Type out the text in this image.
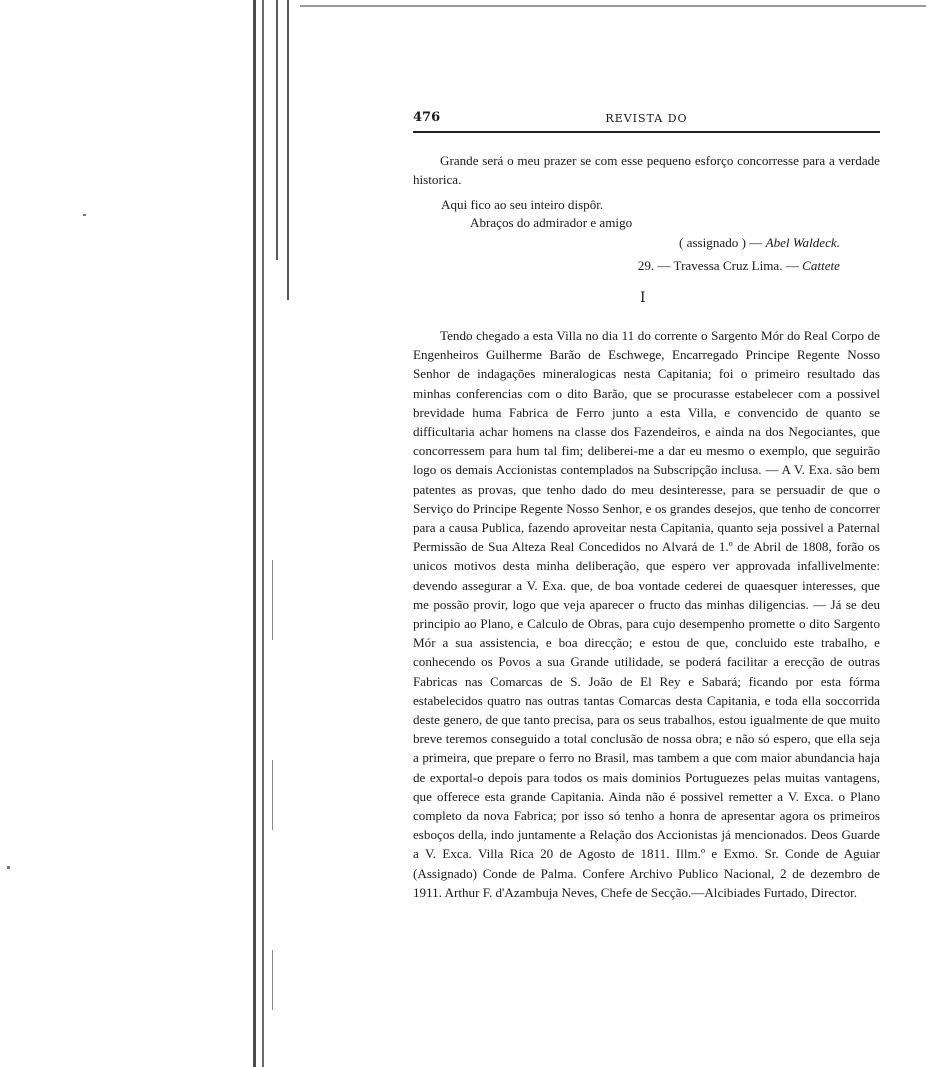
476	REVISTA DO

Grande será o meu prazer se com esse pequeno esforço concorresse para a verdade historica.

Aqui fico ao seu inteiro dispôr.
Abraços do admirador e amigo
( assignado ) — Abel Waldeck.
29. — Travessa Cruz Lima. — Cattete
I

Tendo chegado a esta Villa no dia 11 do corrente o Sargento Mór do Real Corpo de Engenheiros Guilherme Barão de Eschwege, Encarregado Principe Regente Nosso Senhor de indagações mineralogicas nesta Capitania; foi o primeiro resultado das minhas conferencias com o dito Barão, que se procurasse estabelecer com a possivel brevidade huma Fabrica de Ferro junto a esta Villa, e convencido de quanto se difficultaria achar homens na classe dos Fazendeiros, e ainda na dos Negociantes, que concorressem para hum tal fim; deliberei-me a dar eu mesmo o exemplo, que seguirão logo os demais Accionistas contemplados na Subscripção inclusa. — A V. Exa. são bem patentes as provas, que tenho dado do meu desinteresse, para se persuadir de que o Serviço do Principe Regente Nosso Senhor, e os grandes desejos, que tenho de concorrer para a causa Publica, fazendo aproveitar nesta Capitania, quanto seja possivel a Paternal Permissão de Sua Alteza Real Concedidos no Alvará de 1.º de Abril de 1808, forão os unicos motivos desta minha deliberação, que espero ver approvada infallivelmente: devendo assegurar a V. Exa. que, de boa vontade cederei de quaesquer interesses, que me possão provir, logo que veja aparecer o fructo das minhas diligencias. — Já se deu principio ao Plano, e Calculo de Obras, para cujo desempenho promette o dito Sargento Mór a sua assistencia, e boa direcção; e estou de que, concluido este trabalho, e conhecendo os Povos a sua Grande utilidade, se poderá facilitar a erecção de outras Fabricas nas Comarcas de S. João de El Rey e Sabará; ficando por esta fórma estabelecidos quatro nas outras tantas Comarcas desta Capitania, e toda ella soccorrida deste genero, de que tanto precisa, para os seus trabalhos, estou igualmente de que muito breve teremos conseguido a total conclusão de nossa obra; e não só espero, que ella seja a primeira, que prepare o ferro no Brasil, mas tambem a que com maior abundancia haja de exportal-o depois para todos os mais dominios Portuguezes pelas muitas vantagens, que offerece esta grande Capitania. Ainda não é possivel remetter a V. Exca. o Plano completo da nova Fabrica; por isso só tenho a honra de apresentar agora os primeiros esboços della, indo juntamente a Relação dos Accionistas já mencionados. Deos Guarde a V. Exca. Villa Rica 20 de Agosto de 1811. Illm.º e Exmo. Sr. Conde de Aguiar (Assignado) Conde de Palma. Confere Archivo Publico Nacional, 2 de dezembro de 1911. Arthur F. d'Azambuja Neves, Chefe de Secção.—Alcibiades Furtado, Director.
